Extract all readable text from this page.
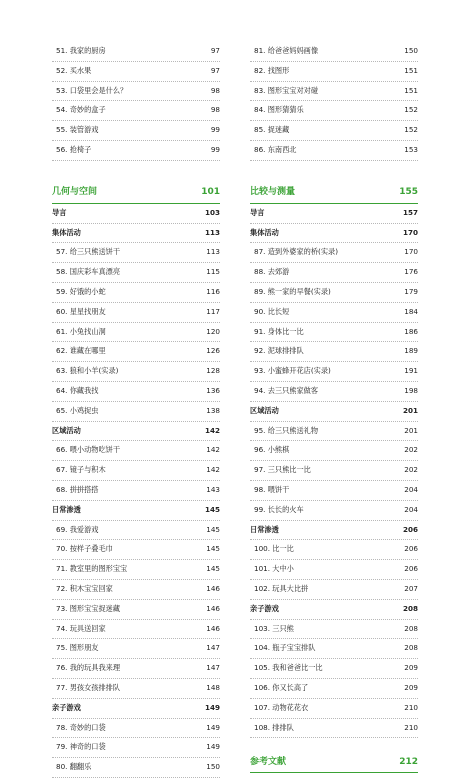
51. 我家的厨房	97
52. 买水果	97
53. 口袋里会是什么？	98
54. 奇妙的盒子	98
55. 装管游戏	99
56. 抢椅子	99
几何与空间	101
导言	103
集体活动	113
57. 给三只熊送饼干	113
58. 国庆彩车真漂亮	115
59. 好饿的小蛇	116
60. 星星找朋友	117
61. 小兔找山洞	120
62. 谁藏在哪里	126
63. 狼和小羊(实录)	128
64. 你藏我找	136
65. 小鸡捉虫	138
区域活动	142
66. 喂小动物吃饼干	142
67. 镜子与积木	142
68. 拼拼搭搭	143
日常渗透	145
69. 我爱游戏	145
70. 按样子叠毛巾	145
71. 教室里的图形宝宝	145
72. 积木宝宝回家	146
73. 图形宝宝捉迷藏	146
74. 玩具送回家	146
75. 图形朋友	147
76. 我的玩具我来理	147
77. 男孩女孩排排队	148
亲子游戏	149
78. 奇妙的口袋	149
79. 神奇的口袋	149
80. 翻翻乐	150
81. 给爸爸妈妈画像	150
82. 找图形	151
83. 图形宝宝对对碰	151
84. 图形猜猜乐	152
85. 捉迷藏	152
86. 东南西北	153
比较与测量	155
导言	157
集体活动	170
87. 造到外婆家的桥(实录)	170
88. 去郊游	176
89. 熊一家的早餐(实录)	179
90. 比长短	184
91. 身体比一比	186
92. 泥球排排队	189
93. 小蜜蜂开花店(实录)	191
94. 去三只熊家做客	198
区域活动	201
95. 给三只熊送礼物	201
96. 小熊棋	202
97. 三只熊比一比	202
98. 喂饼干	204
99. 长长的火车	204
日常渗透	206
100. 比一比	206
101. 大中小	206
102. 玩具大比拼	207
亲子游戏	208
103. 三只熊	208
104. 瓶子宝宝排队	208
105. 我和爸爸比一比	209
106. 你又长高了	209
107. 动物花花衣	210
108. 排排队	210
参考文献	212
